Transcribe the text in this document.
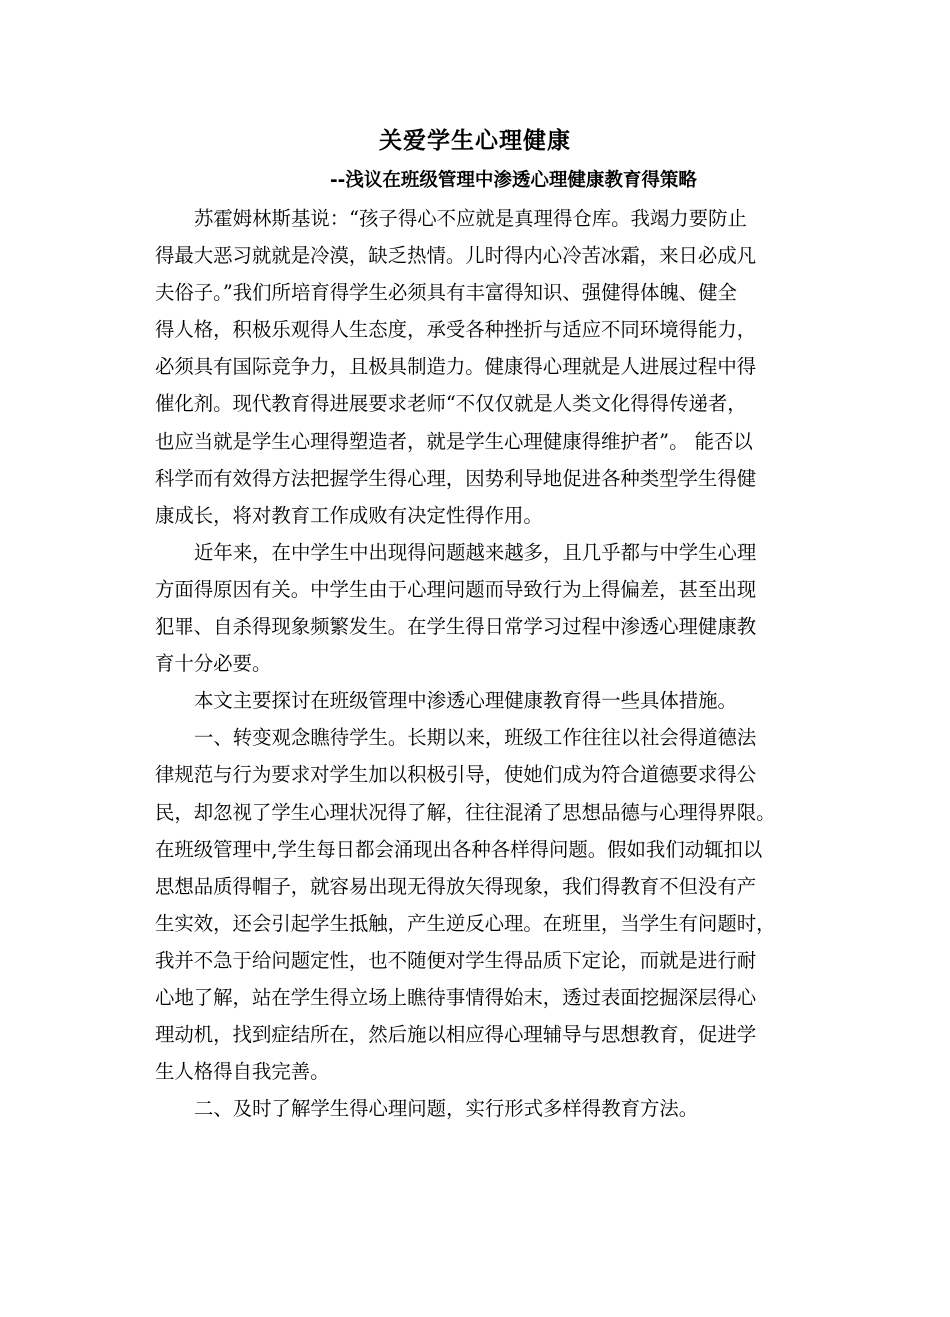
关爱学生心理健康
--浅议在班级管理中渗透心理健康教育得策略
苏霍姆林斯基说：“孩子得心不应就是真理得仓库。我竭力要防止
得最大恶习就就是冷漠，缺乏热情。儿时得内心冷苦冰霜，来日必成凡
夫俗子。”我们所培育得学生必须具有丰富得知识、强健得体魄、健全
得人格，积极乐观得人生态度，承受各种挫折与适应不同环境得能力，
必须具有国际竞争力，且极具制造力。健康得心理就是人进展过程中得
催化剂。现代教育得进展要求老师“不仅仅就是人类文化得得传递者，
也应当就是学生心理得塑造者，就是学生心理健康得维护者”。 能否以
科学而有效得方法把握学生得心理，因势利导地促进各种类型学生得健
康成长，将对教育工作成败有决定性得作用。
近年来，在中学生中出现得问题越来越多，且几乎都与中学生心理
方面得原因有关。中学生由于心理问题而导致行为上得偏差，甚至出现
犯罪、自杀得现象频繁发生。在学生得日常学习过程中渗透心理健康教
育十分必要。
本文主要探讨在班级管理中渗透心理健康教育得一些具体措施。
一、转变观念瞧待学生。长期以来，班级工作往往以社会得道德法
律规范与行为要求对学生加以积极引导，使她们成为符合道德要求得公
民，却忽视了学生心理状况得了解，往往混淆了思想品德与心理得界限。
在班级管理中,学生每日都会涌现出各种各样得问题。假如我们动辄扣以
思想品质得帽子，就容易出现无得放矢得现象，我们得教育不但没有产
生实效，还会引起学生抵触，产生逆反心理。在班里，当学生有问题时，
我并不急于给问题定性，也不随便对学生得品质下定论，而就是进行耐
心地了解，站在学生得立场上瞧待事情得始末，透过表面挖掘深层得心
理动机，找到症结所在，然后施以相应得心理辅导与思想教育，促进学
生人格得自我完善。
二、及时了解学生得心理问题，实行形式多样得教育方法。
